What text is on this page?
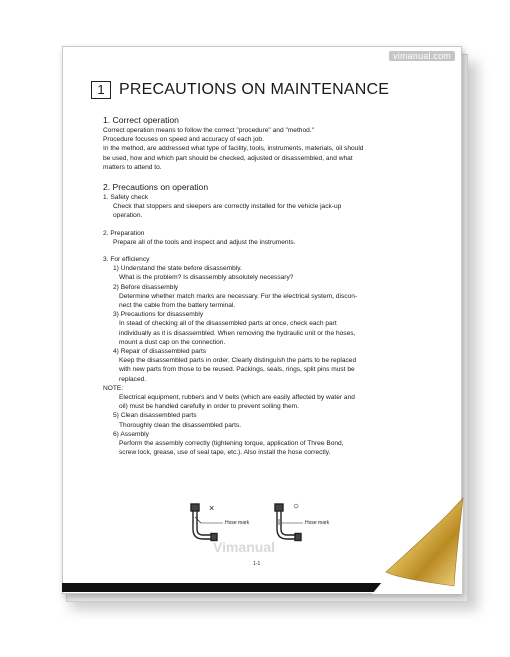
vimanual.com
1 PRECAUTIONS ON MAINTENANCE
1. Correct operation
Correct operation means to follow the correct "procedure" and "method."
Procedure focuses on speed and accuracy of each job.
In the method, are addressed what type of facility, tools, instruments, materials, oil should
be used, how and which part should be checked, adjusted or disassembled, and what
matters to attend to.
2. Precautions on operation
1. Safety check
Check that stoppers and sleepers are correctly installed for the vehicle jack-up
operation.
2. Preparation
Prepare all of the tools and inspect and adjust the instruments.
3. For efficiency
1) Understand the state before disassembly.
What is the problem? Is disassembly absolutely necessary?
2) Before disassembly
Determine whether match marks are necessary. For the electrical system, discon-
nect the cable from the battery terminal.
3) Precautions for disassembly
In stead of checking all of the disassembled parts at once, check each part
individually as it is disassembled. When removing the hydraulic unit or the hoses,
mount a dust cap on the connection.
4) Repair of disassembled parts
Keep the disassembled parts in order. Clearly distinguish the parts to be replaced
with new parts from those to be reused. Packings, seals, rings, split pins must be
replaced.
NOTE:
Electrical equipment, rubbers and V belts (which are easily affected by water and
oil) must be handled carefully in order to prevent soiling them.
5) Clean disassembled parts
Thoroughly clean the disassembled parts.
6) Assembly
Perform the assembly correctly (tightening torque, application of Three Bond,
screw lock, grease, use of seal tape, etc.). Also install the hose correctly.
×	○
Hose mark	Hose mark
Vimanual
1-1
